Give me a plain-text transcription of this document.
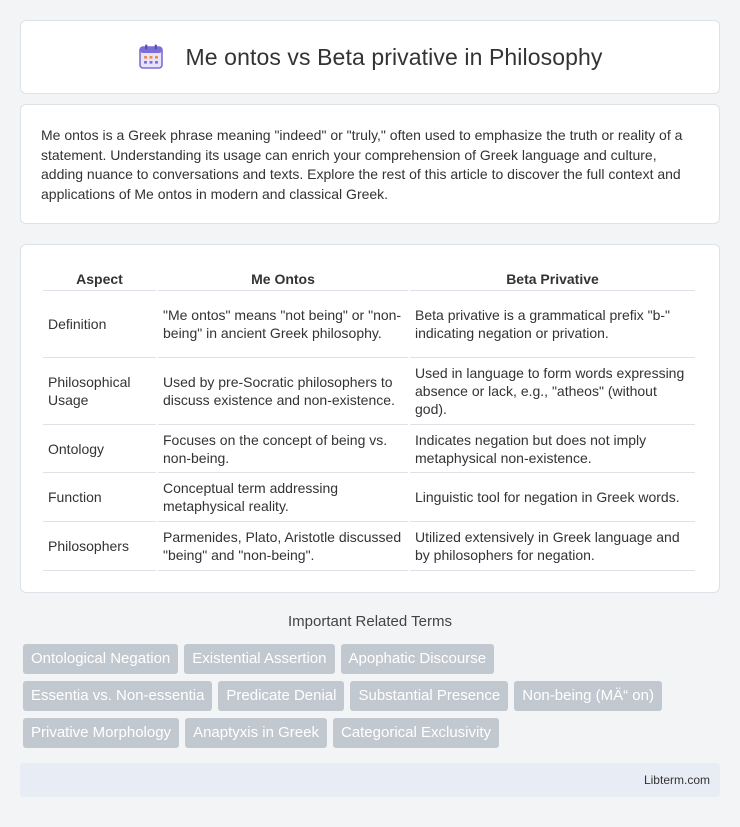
Me ontos vs Beta privative in Philosophy

Me ontos is a Greek phrase meaning "indeed" or "truly," often used to emphasize the truth or reality of a statement. Understanding its usage can enrich your comprehension of Greek language and culture, adding nuance to conversations and texts. Explore the rest of this article to discover the full context and applications of Me ontos in modern and classical Greek.

Aspect	Me Ontos	Beta Privative
Definition	"Me ontos" means "not being" or "non-being" in ancient Greek philosophy.	Beta privative is a grammatical prefix "b-" indicating negation or privation.
Philosophical Usage	Used by pre-Socratic philosophers to discuss existence and non-existence.	Used in language to form words expressing absence or lack, e.g., "atheos" (without god).
Ontology	Focuses on the concept of being vs. non-being.	Indicates negation but does not imply metaphysical non-existence.
Function	Conceptual term addressing metaphysical reality.	Linguistic tool for negation in Greek words.
Philosophers	Parmenides, Plato, Aristotle discussed "being" and "non-being".	Utilized extensively in Greek language and by philosophers for negation.
Important Related Terms
Ontological Negation	Existential Assertion	Apophatic Discourse
Essentia vs. Non-essentia	Predicate Denial	Substantial Presence	Non-being (MÄ“ on)
Privative Morphology	Anaptyxis in Greek	Categorical Exclusivity
Libterm.com
